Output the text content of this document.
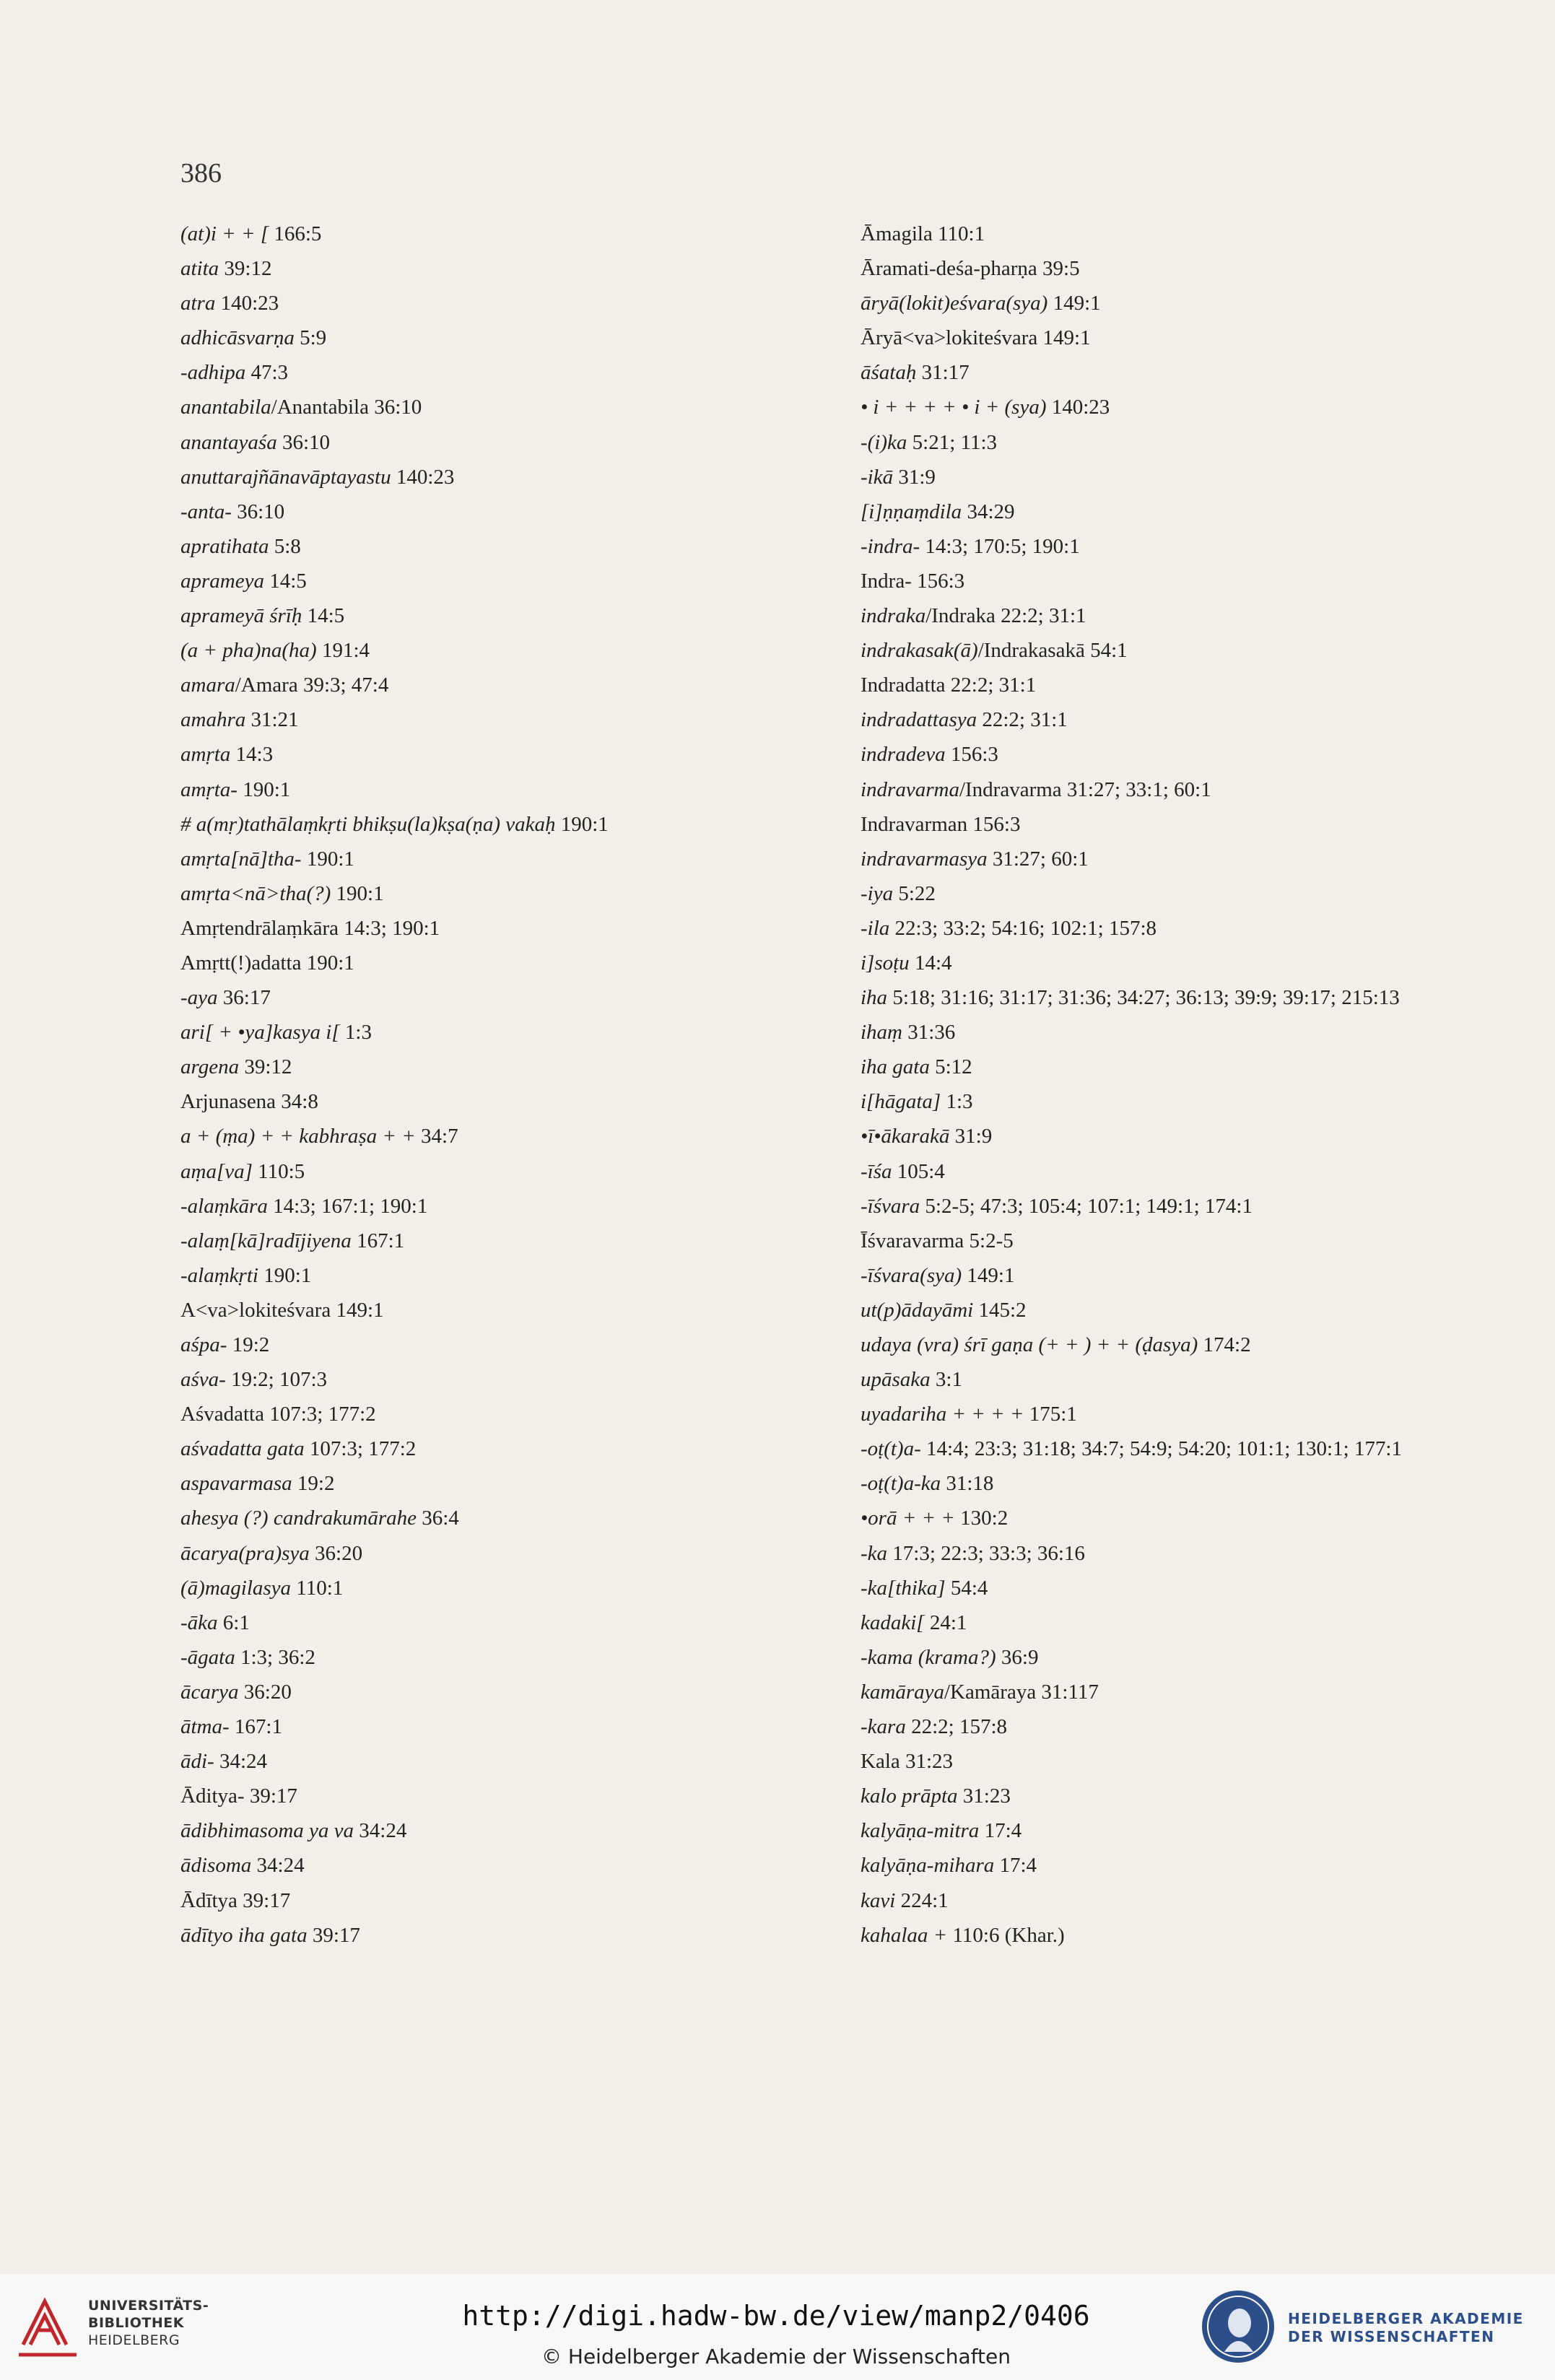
386
(at)i + + [ 166:5
atita 39:12
atra 140:23
adhicāsvarṇa 5:9
-adhipa 47:3
anantabila/Anantabila 36:10
anantayaśa 36:10
anuttarajñānavāptayastu 140:23
-anta- 36:10
apratihata 5:8
aprameya 14:5
aprameyā śrīḥ 14:5
(a + pha)na(ha) 191:4
amara/Amara 39:3; 47:4
amahra 31:21
amṛta 14:3
amṛta- 190:1
# a(mṛ)tathālaṃkṛti bhikṣu(la)kṣa(ṇa) vakaḥ 190:1
amṛta[nā]tha- 190:1
amṛta<nā>tha(?) 190:1
Amṛtendrālaṃkāra 14:3; 190:1
Amṛtt(!)adatta 190:1
-aya 36:17
ari[ + •ya]kasya i[ 1:3
argena 39:12
Arjunasena 34:8
a + (ṃa) + + kabhraṣa + + 34:7
aṃa[va] 110:5
-alaṃkāra 14:3; 167:1; 190:1
-alaṃ[kā]radījiyena 167:1
-alaṃkṛti 190:1
A<va>lokiteśvara 149:1
aśpa- 19:2
aśva- 19:2; 107:3
Aśvadatta 107:3; 177:2
aśvadatta gata 107:3; 177:2
aspavarmasa 19:2
ahesya (?) candrakumārahe 36:4
ācarya(pra)sya 36:20
(ā)magilasya 110:1
-āka 6:1
-āgata 1:3; 36:2
ācarya 36:20
ātma- 167:1
ādi- 34:24
Āditya- 39:17
ādibhimasoma ya va 34:24
ādisoma 34:24
Ādītya 39:17
ādītyo iha gata 39:17
Āmagila 110:1
Āramati-deśa-pharṇa 39:5
āryā(lokit)eśvara(sya) 149:1
Āryā<va>lokiteśvara 149:1
āśataḥ 31:17
• i + + + + • i + (sya) 140:23
-(i)ka 5:21; 11:3
-ikā 31:9
[i]ṇṇaṃdila 34:29
-indra- 14:3; 170:5; 190:1
Indra- 156:3
indraka/Indraka 22:2; 31:1
indrakasak(ā)/Indrakasakā 54:1
Indradatta 22:2; 31:1
indradattasya 22:2; 31:1
indradeva 156:3
indravarma/Indravarma 31:27; 33:1; 60:1
Indravarman 156:3
indravarmasya 31:27; 60:1
-iya 5:22
-ila 22:3; 33:2; 54:16; 102:1; 157:8
i]soṭu 14:4
iha 5:18; 31:16; 31:17; 31:36; 34:27; 36:13; 39:9; 39:17; 215:13
ihaṃ 31:36
iha gata 5:12
i[hāgata] 1:3
•ī•ākarakā 31:9
-īśa 105:4
-īśvara 5:2-5; 47:3; 105:4; 107:1; 149:1; 174:1
Īśvaravarma 5:2-5
-īśvara(sya) 149:1
ut(p)ādayāmi 145:2
udaya (vra) śrī gaṇa (+ + ) + + (ḍasya) 174:2
upāsaka 3:1
uyadariha + + + + 175:1
-oṭ(t)a- 14:4; 23:3; 31:18; 34:7; 54:9; 54:20; 101:1; 130:1; 177:1
-oṭ(t)a-ka 31:18
•orā + + + 130:2
-ka 17:3; 22:3; 33:3; 36:16
-ka[thika] 54:4
kadaki[ 24:1
-kama (krama?) 36:9
kamāraya/Kamāraya 31:117
-kara 22:2; 157:8
Kala 31:23
kalo prāpta 31:23
kalyāṇa-mitra 17:4
kalyāṇa-mihara 17:4
kavi 224:1
kahalaa + 110:6 (Khar.)
UNIVERSITÄTS-
BIBLIOTHEK
HEIDELBERG
http://digi.hadw-bw.de/view/manp2/0406
© Heidelberger Akademie der Wissenschaften
HEIDELBERGER AKADEMIE
DER WISSENSCHAFTEN
